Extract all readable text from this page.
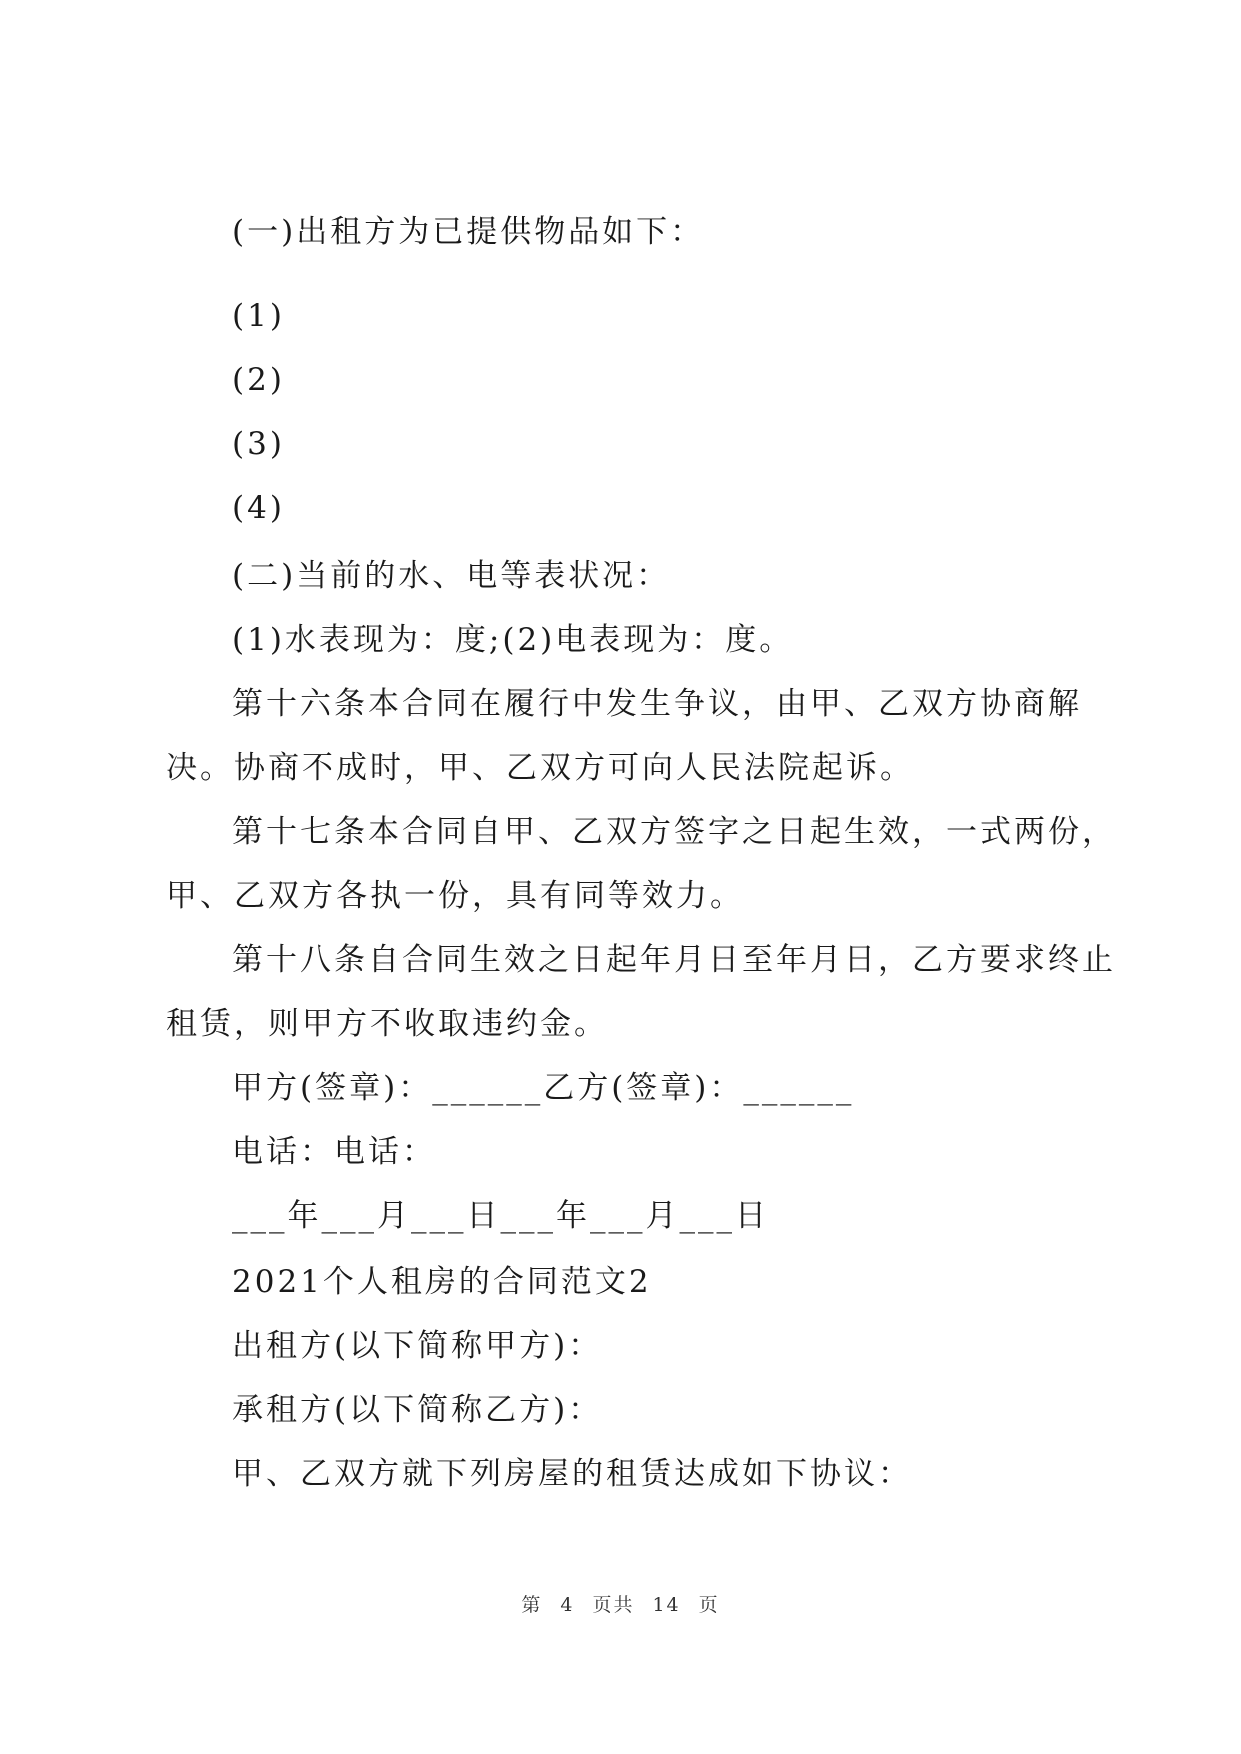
(一)出租方为已提供物品如下：
(1)
(2)
(3)
(4)
(二)当前的水、电等表状况：
(1)水表现为：度;(2)电表现为：度。
第十六条本合同在履行中发生争议，由甲、乙双方协商解
决。协商不成时，甲、乙双方可向人民法院起诉。
第十七条本合同自甲、乙双方签字之日起生效，一式两份，
甲、乙双方各执一份，具有同等效力。
第十八条自合同生效之日起年月日至年月日，乙方要求终止
租赁，则甲方不收取违约金。
甲方(签章)：______乙方(签章)：______
电话：电话：
___年___月___日___年___月___日
2021个人租房的合同范文2
出租方(以下简称甲方)：
承租方(以下简称乙方)：
甲、乙双方就下列房屋的租赁达成如下协议：
第 4 页共 14 页
